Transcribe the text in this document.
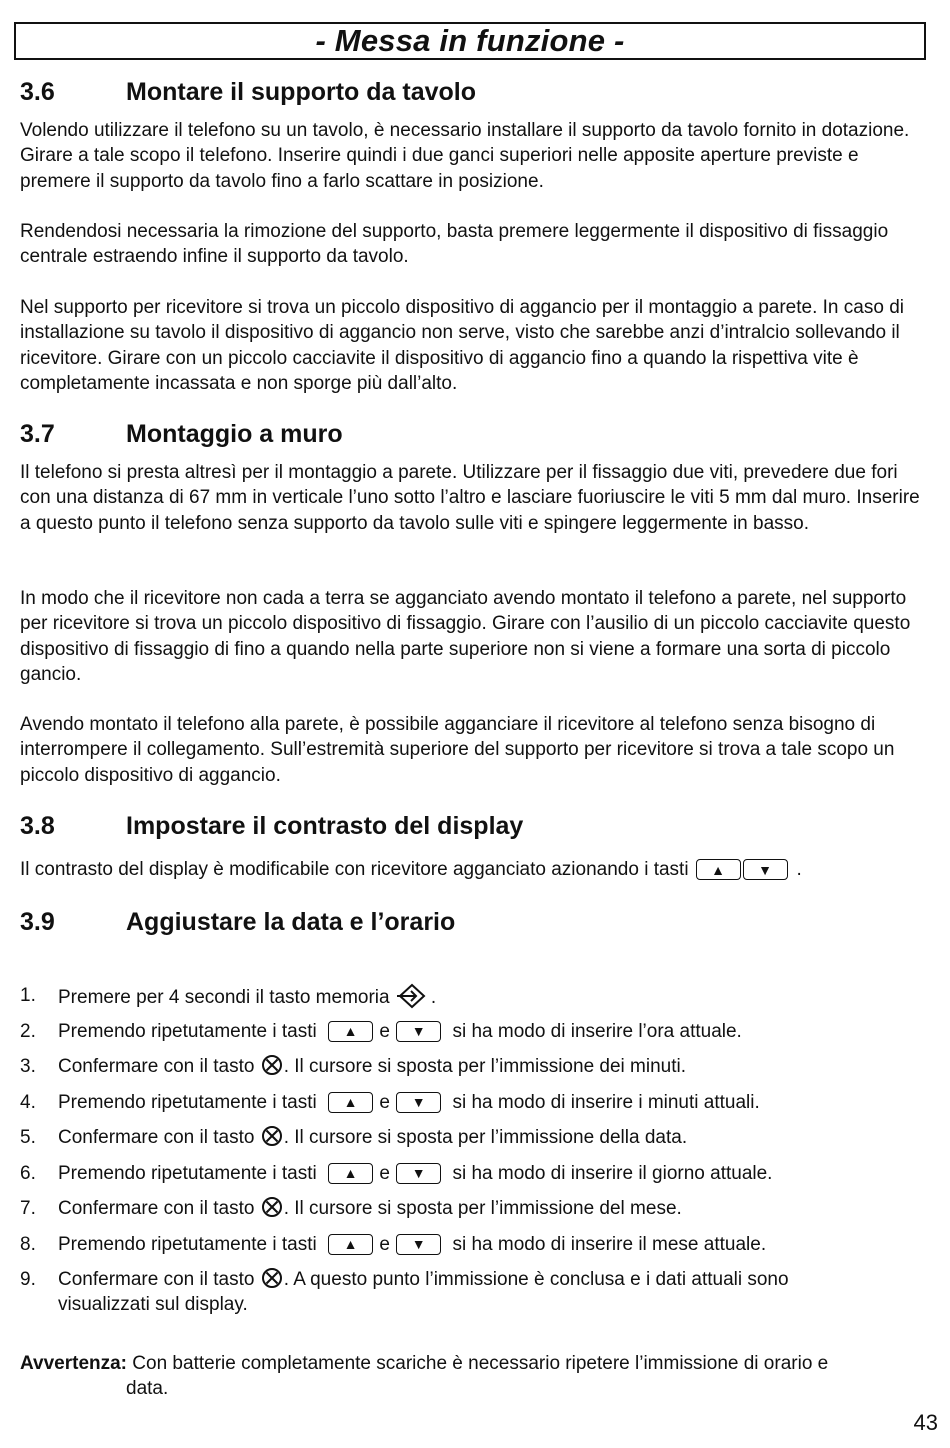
- Messa in funzione -
3.6	Montare il supporto da tavolo

Volendo utilizzare il telefono su un tavolo, è necessario installare il supporto da tavolo fornito in dotazione. Girare a tale scopo il telefono. Inserire quindi i due ganci superiori nelle apposite aperture previste e premere il supporto da tavolo fino a farlo scattare in posizione.

Rendendosi necessaria la rimozione del supporto, basta premere leggermente il dispositivo di fissaggio centrale estraendo infine il supporto da tavolo.

Nel supporto per ricevitore si trova un piccolo dispositivo di aggancio per il montaggio a parete. In caso di installazione su tavolo il dispositivo di aggancio non serve, visto che sarebbe anzi d’intralcio sollevando il ricevitore. Girare con un piccolo cacciavite il dispositivo di aggancio fino a quando la rispettiva vite è completamente incassata e non sporge più dall’alto.

3.7	Montaggio a muro

Il telefono si presta altresì per il montaggio a parete. Utilizzare per il fissaggio due viti, prevedere due fori con una distanza di 67 mm in verticale l’uno sotto l’altro e lasciare fuoriuscire le viti 5 mm dal muro. Inserire a questo punto il telefono senza supporto da tavolo sulle viti e spingere leggermente in basso.

In modo che il ricevitore non cada a terra se agganciato avendo montato il telefono a parete, nel supporto per ricevitore si trova un piccolo dispositivo di fissaggio. Girare con l’ausilio di un piccolo cacciavite questo dispositivo di fissaggio di fino a quando nella parte superiore non si viene a formare una sorta di piccolo gancio.

Avendo montato il telefono alla parete, è possibile agganciare il ricevitore al telefono senza bisogno di interrompere il collegamento. Sull’estremità superiore del supporto per ricevitore si trova a tale scopo un piccolo dispositivo di aggancio.

3.8	Impostare il contrasto del display

Il contrasto del display è modificabile con ricevitore agganciato azionando i tasti	▲	▼	.

3.9	Aggiustare la data e l’orario
1.	Premere per 4 secondi il tasto memoria .
2.	Premendo ripetutamente i tasti ▲ e ▼ si ha modo di inserire l’ora attuale.
3.	Confermare con il tasto . Il cursore si sposta per l’immissione dei minuti.
4.	Premendo ripetutamente i tasti ▲ e ▼ si ha modo di inserire i minuti attuali.
5.	Confermare con il tasto . Il cursore si sposta per l’immissione della data.
6.	Premendo ripetutamente i tasti ▲ e ▼ si ha modo di inserire il giorno attuale.
7.	Confermare con il tasto . Il cursore si sposta per l’immissione del mese.
8.	Premendo ripetutamente i tasti ▲ e ▼ si ha modo di inserire il mese attuale.
9.	Confermare con il tasto . A questo punto l’immissione è conclusa e i dati attuali sono
visualizzati sul display.
Avvertenza: Con batterie completamente scariche è necessario ripetere l’immissione di orario e
data.
43
